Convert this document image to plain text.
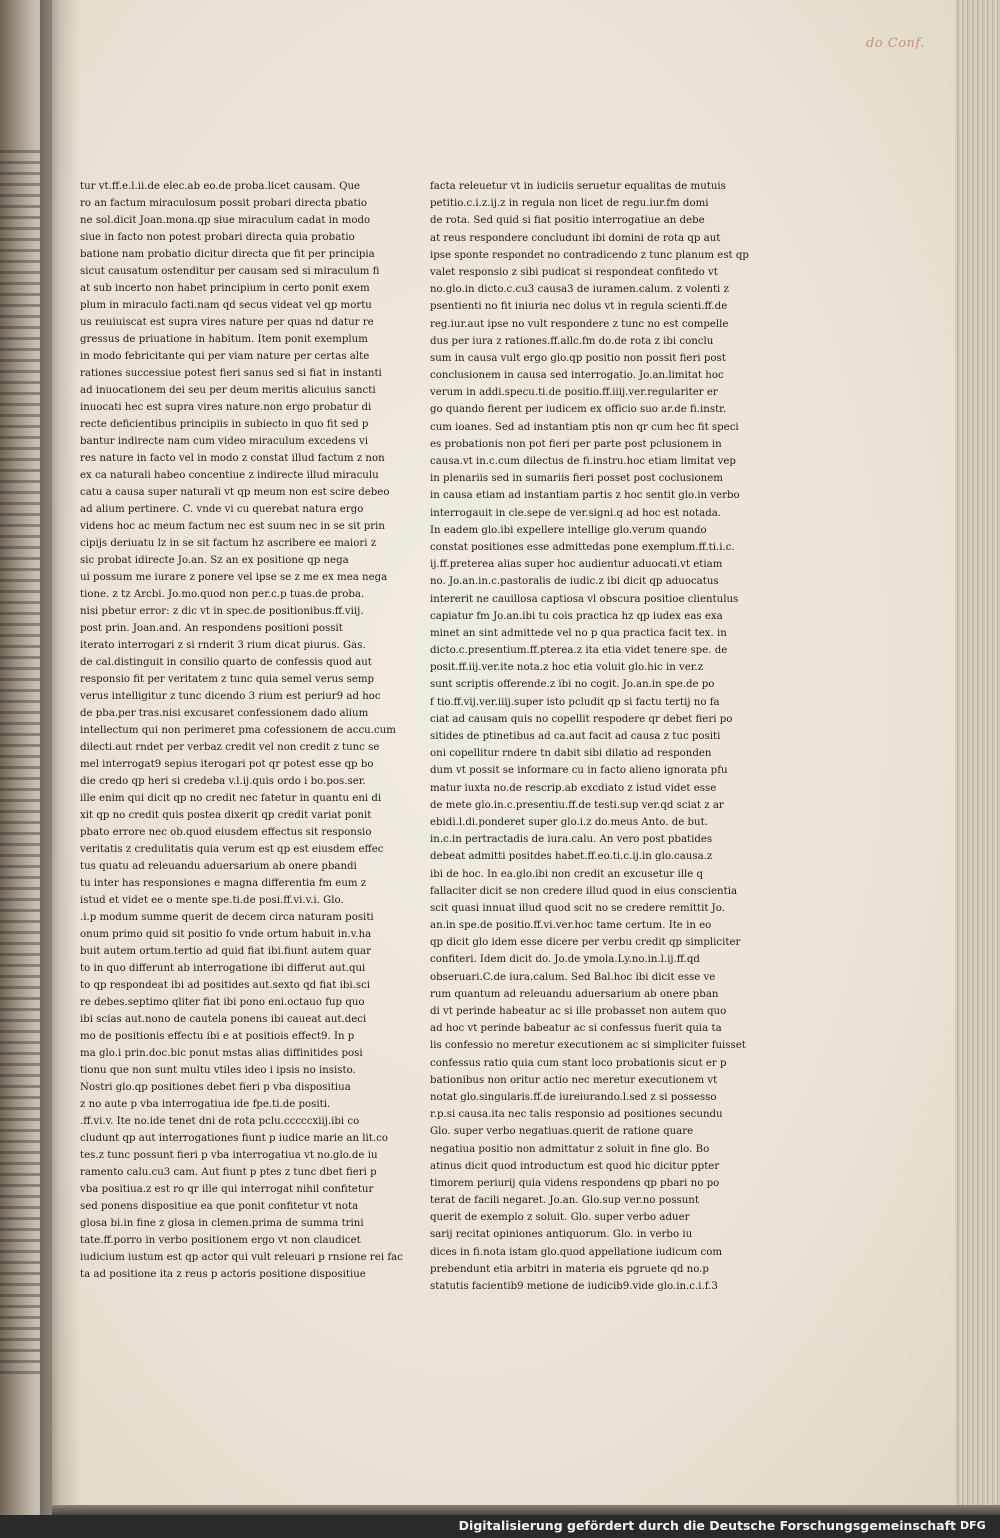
do Conf.
tur vt.ff.e.l.ii.de elec.ab eo.de proba.licet causam. Que
ro an factum miraculosum possit probari directa pbatio
ne sol.dicit Joan.mona.qp siue miraculum cadat in modo
siue in facto non potest probari directa quia probatio
batione nam probatio dicitur directa que fit per principia
sicut causatum ostenditur per causam sed si miraculum fi
at sub incerto non habet principium in certo ponit exem
plum in miraculo facti.nam qd secus videat vel qp mortu
us reuiuiscat est supra vires nature per quas nd datur re
gressus de priuatione in habitum. Item ponit exemplum
in modo febricitante qui per viam nature per certas alte
rationes successiue potest fieri sanus sed si fiat in instanti
ad inuocationem dei seu per deum meritis alicuius sancti
inuocati hec est supra vires nature.non ergo probatur di
recte deficientibus principiis in subiecto in quo fit sed p
bantur indirecte nam cum video miraculum excedens vi
res nature in facto vel in modo z constat illud factum z non
ex ca naturali habeo concentiue z indirecte illud miraculu
catu a causa super naturali vt qp meum non est scire debeo
ad alium pertinere. C. vnde vi cu querebat natura ergo
videns hoc ac meum factum nec est suum nec in se sit prin
cipijs deriuatu lz in se sit factum hz ascribere ee maiori z
sic probat idirecte Jo.an. Sz an ex positione qp nega
ui possum me iurare z ponere vel ipse se z me ex mea nega
tione. z tz Arcbi. Jo.mo.quod non per.c.p tuas.de proba.
nisi pbetur error: z dic vt in spec.de positionibus.ff.viij.
post prin. Joan.and. An respondens positioni possit
iterato interrogari z si rnderit 3 rium dicat piurus. Gas.
de cal.distinguit in consilio quarto de confessis quod aut
responsio fit per veritatem z tunc quia semel verus semp
verus intelligitur z tunc dicendo 3 rium est periur9 ad hoc
de pba.per tras.nisi excusaret confessionem dado alium
intellectum qui non perimeret pma cofessionem de accu.cum
dilecti.aut rndet per verbaz credit vel non credit z tunc se
mel interrogat9 sepius iterogari pot qr potest esse qp bo
die credo qp heri si credeba v.l.ij.quis ordo i bo.pos.ser.
ille enim qui dicit qp no credit nec fatetur in quantu eni di
xit qp no credit quis postea dixerit qp credit variat ponit
pbato errore nec ob.quod eiusdem effectus sit responsio
veritatis z credulitatis quia verum est qp est eiusdem effec
tus quatu ad releuandu aduersarium ab onere pbandi
tu inter has responsiones e magna differentia fm eum z
istud et videt ee o mente spe.ti.de posi.ff.vi.v.i. Glo.
.i.p modum summe querit de decem circa naturam positi
onum primo quid sit positio fo vnde ortum habuit in.v.ha
buit autem ortum.tertio ad quid fiat ibi.fiunt autem quar
to in quo differunt ab interrogatione ibi differut aut.qui
to qp respondeat ibi ad positides aut.sexto qd fiat ibi.sci
re debes.septimo qliter fiat ibi pono eni.octauo fup quo
ibi scias aut.nono de cautela ponens ibi caueat aut.deci
mo de positionis effectu ibi e at positiois effect9. In p
ma glo.i prin.doc.bic ponut mstas alias diffinitides posi
tionu que non sunt multu vtiles ideo i ipsis no insisto.
Nostri glo.qp positiones debet fieri p vba dispositiua
z no aute p vba interrogatiua ide fpe.ti.de positi.
.ff.vi.v. Ite no.ide tenet dni de rota pclu.cccccxiij.ibi co
cludunt qp aut interrogationes fiunt p iudice marie an lit.co
tes.z tunc possunt fieri p vba interrogatiua vt no.glo.de iu
ramento calu.cu3 cam. Aut fiunt p ptes z tunc dbet fieri p
vba positiua.z est ro qr ille qui interrogat nihil confitetur
sed ponens dispositiue ea que ponit confitetur vt nota
glosa bi.in fine z glosa in clemen.prima de summa trini
tate.ff.porro in verbo positionem ergo vt non claudicet
iudicium iustum est qp actor qui vult releuari p rnsione rei fac
ta ad positione ita z reus p actoris positione dispositiue
facta releuetur vt in iudiciis seruetur equalitas de mutuis
petitio.c.i.z.ij.z in regula non licet de regu.iur.fm domi
de rota. Sed quid si fiat positio interrogatiue an debe
at reus respondere concludunt ibi domini de rota qp aut
ipse sponte respondet no contradicendo z tunc planum est qp
valet responsio z sibi pudicat si respondeat confitedo vt
no.glo.in dicto.c.cu3 causa3 de iuramen.calum. z volenti z
psentienti no fit iniuria nec dolus vt in regula scienti.ff.de
reg.iur.aut ipse no vult respondere z tunc no est compelle
dus per iura z rationes.ff.allc.fm do.de rota z ibi conclu
sum in causa vult ergo glo.qp positio non possit fieri post
conclusionem in causa sed interrogatio. Jo.an.limitat hoc
verum in addi.specu.ti.de positio.ff.iiij.ver.regulariter er
go quando fierent per iudicem ex officio suo ar.de fi.instr.
cum ioanes. Sed ad instantiam ptis non qr cum hec fit speci
es probationis non pot fieri per parte post pclusionem in
causa.vt in.c.cum dilectus de fi.instru.hoc etiam limitat vep
in plenariis sed in sumariis fieri posset post coclusionem
in causa etiam ad instantiam partis z hoc sentit glo.in verbo
interrogauit in cle.sepe de ver.signi.q ad hoc est notada.
In eadem glo.ibi expellere intellige glo.verum quando
constat positiones esse admittedas pone exemplum.ff.ti.i.c.
ij.ff.preterea alias super hoc audientur aduocati.vt etiam
no. Jo.an.in.c.pastoralis de iudic.z ibi dicit qp aduocatus
intererit ne cauillosa captiosa vl obscura positioe clientulus
capiatur fm Jo.an.ibi tu cois practica hz qp iudex eas exa
minet an sint admittede vel no p qua practica facit tex. in
dicto.c.presentium.ff.pterea.z ita etia videt tenere spe. de
posit.ff.iij.ver.ite nota.z hoc etia voluit glo.hic in ver.z
sunt scriptis offerende.z ibi no cogit. Jo.an.in spe.de po
f tio.ff.vij.ver.iiij.super isto pcludit qp si factu tertij no fa
ciat ad causam quis no copellit respodere qr debet fieri po
sitides de ptinetibus ad ca.aut facit ad causa z tuc positi
oni copellitur rndere tn dabit sibi dilatio ad responden
dum vt possit se informare cu in facto alieno ignorata pfu
matur iuxta no.de rescrip.ab excdiato z istud videt esse
de mete glo.in.c.presentiu.ff.de testi.sup ver.qd sciat z ar
ebidi.l.di.ponderet super glo.i.z do.meus Anto. de but.
in.c.in pertractadis de iura.calu. An vero post pbatides
debeat admitti positdes habet.ff.eo.ti.c.ij.in glo.causa.z
ibi de hoc. In ea.glo.ibi non credit an excusetur ille q
fallaciter dicit se non credere illud quod in eius conscientia
scit quasi innuat illud quod scit no se credere remittit Jo.
an.in spe.de positio.ff.vi.ver.hoc tame certum. Ite in eo
qp dicit glo idem esse dicere per verbu credit qp simpliciter
confiteri. Idem dicit do. Jo.de ymola.Ly.no.in.l.ij.ff.qd
obseruari.C.de iura.calum. Sed Bal.hoc ibi dicit esse ve
rum quantum ad releuandu aduersarium ab onere pban
di vt perinde habeatur ac si ille probasset non autem quo
ad hoc vt perinde babeatur ac si confessus fuerit quia ta
lis confessio no meretur executionem ac si simpliciter fuisset
confessus ratio quia cum stant loco probationis sicut er p
bationibus non oritur actio nec meretur executionem vt
notat glo.singularis.ff.de iureiurando.l.sed z si possesso
r.p.si causa.ita nec talis responsio ad positiones secundu
Glo. super verbo negatiuas.querit de ratione quare
negatiua positio non admittatur z soluit in fine glo. Bo
atinus dicit quod introductum est quod hic dicitur ppter
timorem periurij quia videns respondens qp pbari no po
terat de facili negaret. Jo.an. Glo.sup ver.no possunt
querit de exemplo z soluit. Glo. super verbo aduer
sarij recitat opiniones antiquorum. Glo. in verbo iu
dices in fi.nota istam glo.quod appellatione iudicum com
prebendunt etia arbitri in materia eis pgruete qd no.p
statutis facientib9 metione de iudicib9.vide glo.in.c.i.f.3
Digitalisierung gefördert durch die Deutsche Forschungsgemeinschaft DFG
